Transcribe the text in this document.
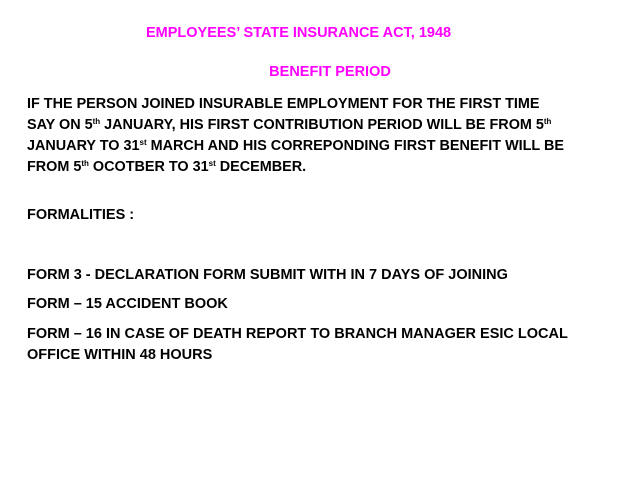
EMPLOYEES’ STATE INSURANCE ACT, 1948
BENEFIT PERIOD
IF THE PERSON JOINED INSURABLE EMPLOYMENT FOR THE FIRST TIME
SAY ON 5th JANUARY, HIS FIRST CONTRIBUTION PERIOD WILL BE FROM 5th
JANUARY TO 31st MARCH AND HIS CORREPONDING FIRST BENEFIT WILL BE
FROM 5th OCOTBER TO 31st DECEMBER.
FORMALITIES :
FORM 3 - DECLARATION FORM SUBMIT WITH IN 7 DAYS OF JOINING
FORM – 15 ACCIDENT BOOK
FORM – 16 IN CASE OF DEATH REPORT TO BRANCH MANAGER ESIC LOCAL
OFFICE WITHIN 48 HOURS
